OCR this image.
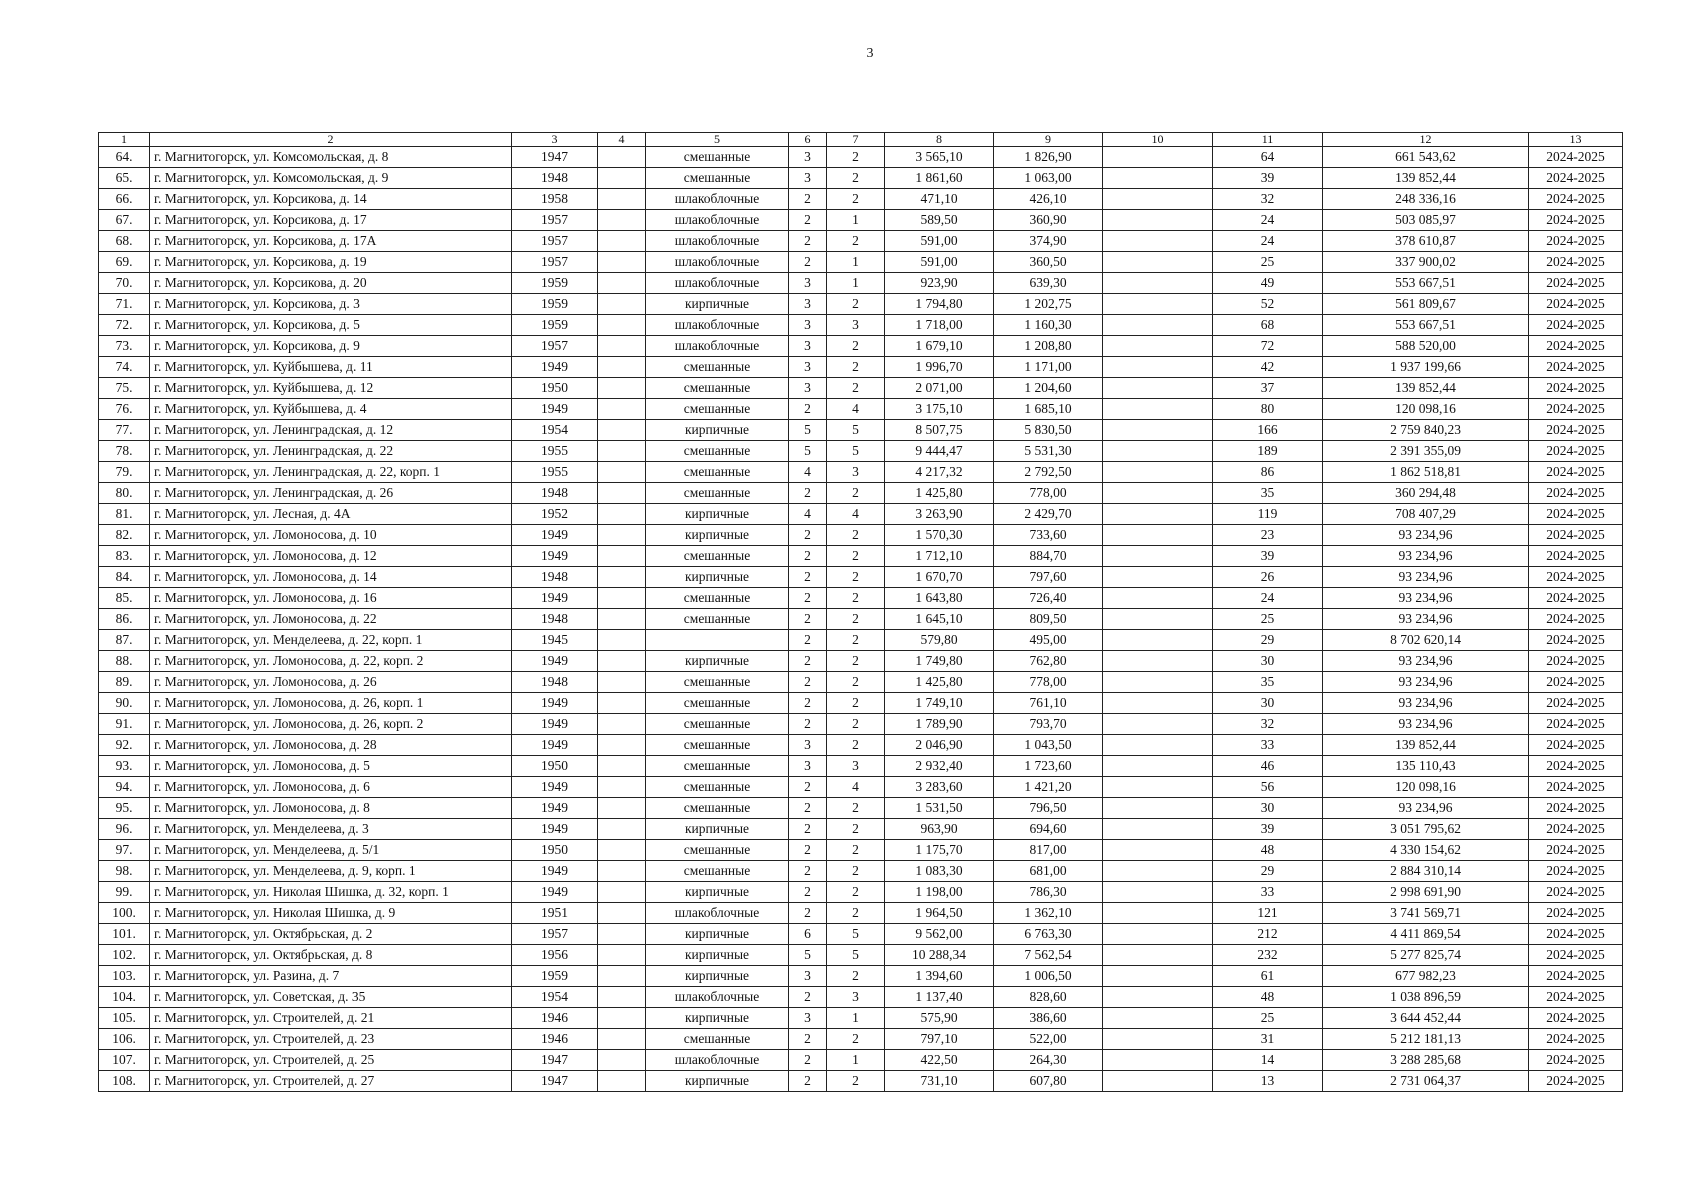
3
1	2	3	4	5	6	7	8	9	10	11	12	13
64.	г. Магнитогорск, ул. Комсомольская, д. 8	1947		смешанные	3	2	3 565,10	1 826,90		64	661 543,62	2024-2025
65.	г. Магнитогорск, ул. Комсомольская, д. 9	1948		смешанные	3	2	1 861,60	1 063,00		39	139 852,44	2024-2025
66.	г. Магнитогорск, ул. Корсикова, д. 14	1958		шлакоблочные	2	2	471,10	426,10		32	248 336,16	2024-2025
67.	г. Магнитогорск, ул. Корсикова, д. 17	1957		шлакоблочные	2	1	589,50	360,90		24	503 085,97	2024-2025
68.	г. Магнитогорск, ул. Корсикова, д. 17А	1957		шлакоблочные	2	2	591,00	374,90		24	378 610,87	2024-2025
69.	г. Магнитогорск, ул. Корсикова, д. 19	1957		шлакоблочные	2	1	591,00	360,50		25	337 900,02	2024-2025
70.	г. Магнитогорск, ул. Корсикова, д. 20	1959		шлакоблочные	3	1	923,90	639,30		49	553 667,51	2024-2025
71.	г. Магнитогорск, ул. Корсикова, д. 3	1959		кирпичные	3	2	1 794,80	1 202,75		52	561 809,67	2024-2025
72.	г. Магнитогорск, ул. Корсикова, д. 5	1959		шлакоблочные	3	3	1 718,00	1 160,30		68	553 667,51	2024-2025
73.	г. Магнитогорск, ул. Корсикова, д. 9	1957		шлакоблочные	3	2	1 679,10	1 208,80		72	588 520,00	2024-2025
74.	г. Магнитогорск, ул. Куйбышева, д. 11	1949		смешанные	3	2	1 996,70	1 171,00		42	1 937 199,66	2024-2025
75.	г. Магнитогорск, ул. Куйбышева, д. 12	1950		смешанные	3	2	2 071,00	1 204,60		37	139 852,44	2024-2025
76.	г. Магнитогорск, ул. Куйбышева, д. 4	1949		смешанные	2	4	3 175,10	1 685,10		80	120 098,16	2024-2025
77.	г. Магнитогорск, ул. Ленинградская, д. 12	1954		кирпичные	5	5	8 507,75	5 830,50		166	2 759 840,23	2024-2025
78.	г. Магнитогорск, ул. Ленинградская, д. 22	1955		смешанные	5	5	9 444,47	5 531,30		189	2 391 355,09	2024-2025
79.	г. Магнитогорск, ул. Ленинградская, д. 22, корп. 1	1955		смешанные	4	3	4 217,32	2 792,50		86	1 862 518,81	2024-2025
80.	г. Магнитогорск, ул. Ленинградская, д. 26	1948		смешанные	2	2	1 425,80	778,00		35	360 294,48	2024-2025
81.	г. Магнитогорск, ул. Лесная, д. 4А	1952		кирпичные	4	4	3 263,90	2 429,70		119	708 407,29	2024-2025
82.	г. Магнитогорск, ул. Ломоносова, д. 10	1949		кирпичные	2	2	1 570,30	733,60		23	93 234,96	2024-2025
83.	г. Магнитогорск, ул. Ломоносова, д. 12	1949		смешанные	2	2	1 712,10	884,70		39	93 234,96	2024-2025
84.	г. Магнитогорск, ул. Ломоносова, д. 14	1948		кирпичные	2	2	1 670,70	797,60		26	93 234,96	2024-2025
85.	г. Магнитогорск, ул. Ломоносова, д. 16	1949		смешанные	2	2	1 643,80	726,40		24	93 234,96	2024-2025
86.	г. Магнитогорск, ул. Ломоносова, д. 22	1948		смешанные	2	2	1 645,10	809,50		25	93 234,96	2024-2025
87.	г. Магнитогорск, ул. Менделеева, д. 22, корп. 1	1945			2	2	579,80	495,00		29	8 702 620,14	2024-2025
88.	г. Магнитогорск, ул. Ломоносова, д. 22, корп. 2	1949		кирпичные	2	2	1 749,80	762,80		30	93 234,96	2024-2025
89.	г. Магнитогорск, ул. Ломоносова, д. 26	1948		смешанные	2	2	1 425,80	778,00		35	93 234,96	2024-2025
90.	г. Магнитогорск, ул. Ломоносова, д. 26, корп. 1	1949		смешанные	2	2	1 749,10	761,10		30	93 234,96	2024-2025
91.	г. Магнитогорск, ул. Ломоносова, д. 26, корп. 2	1949		смешанные	2	2	1 789,90	793,70		32	93 234,96	2024-2025
92.	г. Магнитогорск, ул. Ломоносова, д. 28	1949		смешанные	3	2	2 046,90	1 043,50		33	139 852,44	2024-2025
93.	г. Магнитогорск, ул. Ломоносова, д. 5	1950		смешанные	3	3	2 932,40	1 723,60		46	135 110,43	2024-2025
94.	г. Магнитогорск, ул. Ломоносова, д. 6	1949		смешанные	2	4	3 283,60	1 421,20		56	120 098,16	2024-2025
95.	г. Магнитогорск, ул. Ломоносова, д. 8	1949		смешанные	2	2	1 531,50	796,50		30	93 234,96	2024-2025
96.	г. Магнитогорск, ул. Менделеева, д. 3	1949		кирпичные	2	2	963,90	694,60		39	3 051 795,62	2024-2025
97.	г. Магнитогорск, ул. Менделеева, д. 5/1	1950		смешанные	2	2	1 175,70	817,00		48	4 330 154,62	2024-2025
98.	г. Магнитогорск, ул. Менделеева, д. 9, корп. 1	1949		смешанные	2	2	1 083,30	681,00		29	2 884 310,14	2024-2025
99.	г. Магнитогорск, ул. Николая Шишка, д. 32, корп. 1	1949		кирпичные	2	2	1 198,00	786,30		33	2 998 691,90	2024-2025
100.	г. Магнитогорск, ул. Николая Шишка, д. 9	1951		шлакоблочные	2	2	1 964,50	1 362,10		121	3 741 569,71	2024-2025
101.	г. Магнитогорск, ул. Октябрьская, д. 2	1957		кирпичные	6	5	9 562,00	6 763,30		212	4 411 869,54	2024-2025
102.	г. Магнитогорск, ул. Октябрьская, д. 8	1956		кирпичные	5	5	10 288,34	7 562,54		232	5 277 825,74	2024-2025
103.	г. Магнитогорск, ул. Разина, д. 7	1959		кирпичные	3	2	1 394,60	1 006,50		61	677 982,23	2024-2025
104.	г. Магнитогорск, ул. Советская, д. 35	1954		шлакоблочные	2	3	1 137,40	828,60		48	1 038 896,59	2024-2025
105.	г. Магнитогорск, ул. Строителей, д. 21	1946		кирпичные	3	1	575,90	386,60		25	3 644 452,44	2024-2025
106.	г. Магнитогорск, ул. Строителей, д. 23	1946		смешанные	2	2	797,10	522,00		31	5 212 181,13	2024-2025
107.	г. Магнитогорск, ул. Строителей, д. 25	1947		шлакоблочные	2	1	422,50	264,30		14	3 288 285,68	2024-2025
108.	г. Магнитогорск, ул. Строителей, д. 27	1947		кирпичные	2	2	731,10	607,80		13	2 731 064,37	2024-2025
